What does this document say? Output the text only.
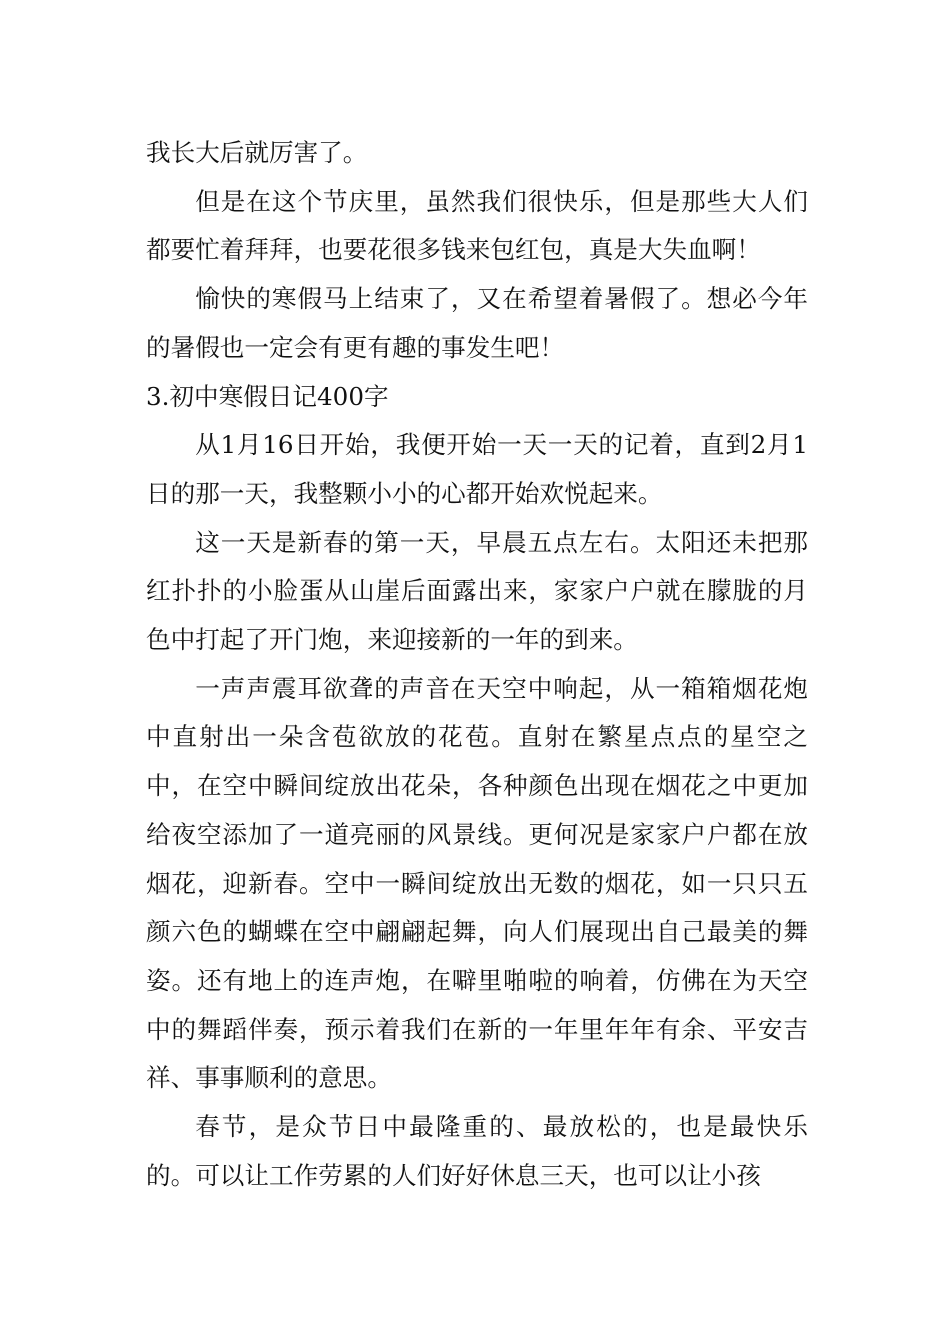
我长大后就厉害了。

但是在这个节庆里，虽然我们很快乐，但是那些大人们都要忙着拜拜，也要花很多钱来包红包，真是大失血啊！

愉快的寒假马上结束了，又在希望着暑假了。想必今年的暑假也一定会有更有趣的事发生吧！

3.初中寒假日记400字

从1月16日开始，我便开始一天一天的记着，直到2月1日的那一天，我整颗小小的心都开始欢悦起来。

这一天是新春的第一天，早晨五点左右。太阳还未把那红扑扑的小脸蛋从山崖后面露出来，家家户户就在朦胧的月色中打起了开门炮，来迎接新的一年的到来。

一声声震耳欲聋的声音在天空中响起，从一箱箱烟花炮中直射出一朵含苞欲放的花苞。直射在繁星点点的星空之中，在空中瞬间绽放出花朵，各种颜色出现在烟花之中更加给夜空添加了一道亮丽的风景线。更何况是家家户户都在放烟花，迎新春。空中一瞬间绽放出无数的烟花，如一只只五颜六色的蝴蝶在空中翩翩起舞，向人们展现出自己最美的舞姿。还有地上的连声炮，在噼里啪啦的响着，仿佛在为天空中的舞蹈伴奏，预示着我们在新的一年里年年有余、平安吉祥、事事顺利的意思。

春节，是众节日中最隆重的、最放松的，也是最快乐的。可以让工作劳累的人们好好休息三天，也可以让小孩
